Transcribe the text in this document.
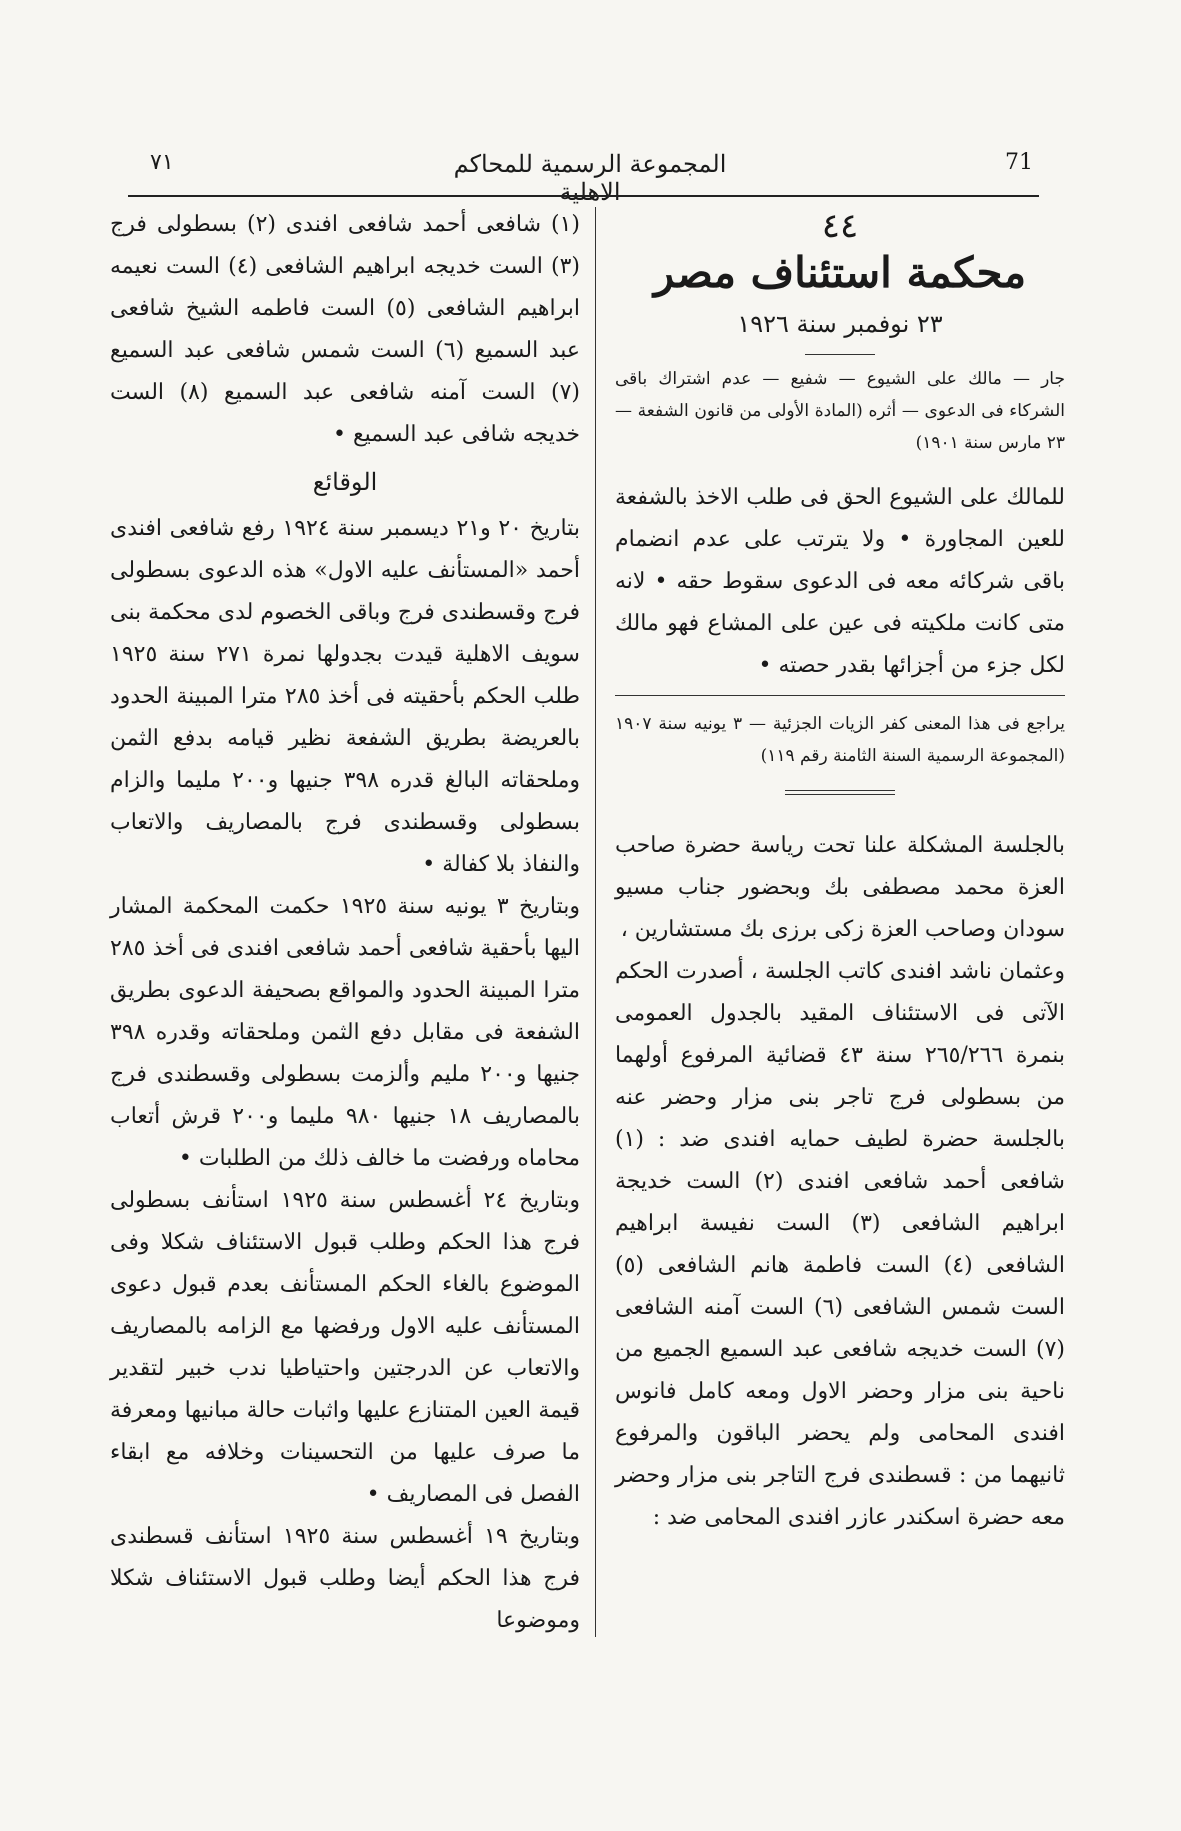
٧١	المجموعة الرسمية للمحاكم الاهلية
71

(١) شافعى أحمد شافعى افندى (٢) بسطولى فرج (٣) الست خديجه ابراهيم الشافعى (٤) الست نعيمه ابراهيم الشافعى (٥) الست فاطمه الشيخ شافعى عبد السميع (٦) الست شمس شافعى عبد السميع (٧) الست آمنه شافعى عبد السميع (٨) الست خديجه شافى عبد السميع •

الوقائع

بتاريخ ٢٠ و٢١ ديسمبر سنة ١٩٢٤ رفع شافعى افندى أحمد «المستأنف عليه الاول» هذه الدعوى بسطولى فرج وقسطندى فرج وباقى الخصوم لدى محكمة بنى سويف الاهلية قيدت بجدولها نمرة ٢٧١ سنة ١٩٢٥ طلب الحكم بأحقيته فى أخذ ٢٨٥ مترا المبينة الحدود بالعريضة بطريق الشفعة نظير قيامه بدفع الثمن وملحقاته البالغ قدره ٣٩٨ جنيها و٢٠٠ مليما والزام بسطولى وقسطندى فرج بالمصاريف والاتعاب والنفاذ بلا كفالة •

وبتاريخ ٣ يونيه سنة ١٩٢٥ حكمت المحكمة المشار اليها بأحقية شافعى أحمد شافعى افندى فى أخذ ٢٨٥ مترا المبينة الحدود والمواقع بصحيفة الدعوى بطريق الشفعة فى مقابل دفع الثمن وملحقاته وقدره ٣٩٨ جنيها و٢٠٠ مليم وألزمت بسطولى وقسطندى فرج بالمصاريف ١٨ جنيها ٩٨٠ مليما و٢٠٠ قرش أتعاب محاماه ورفضت ما خالف ذلك من الطلبات •

وبتاريخ ٢٤ أغسطس سنة ١٩٢٥ استأنف بسطولى فرج هذا الحكم وطلب قبول الاستئناف شكلا وفى الموضوع بالغاء الحكم المستأنف بعدم قبول دعوى المستأنف عليه الاول ورفضها مع الزامه بالمصاريف والاتعاب عن الدرجتين واحتياطيا ندب خبير لتقدير قيمة العين المتنازع عليها واثبات حالة مبانيها ومعرفة ما صرف عليها من التحسينات وخلافه مع ابقاء الفصل فى المصاريف •

وبتاريخ ١٩ أغسطس سنة ١٩٢٥ استأنف قسطندى فرج هذا الحكم أيضا وطلب قبول الاستئناف شكلا وموضوعا

٤٤
محكمة استئناف مصر
٢٣ نوفمبر سنة ١٩٢٦

جار — مالك على الشيوع — شفيع — عدم اشتراك باقى الشركاء فى الدعوى — أثره (المادة الأولى من قانون الشفعة — ٢٣ مارس سنة ١٩٠١)

للمالك على الشيوع الحق فى طلب الاخذ بالشفعة للعين المجاورة • ولا يترتب على عدم انضمام باقى شركائه معه فى الدعوى سقوط حقه • لانه متى كانت ملكيته فى عين على المشاع فهو مالك لكل جزء من أجزائها بقدر حصته •

يراجع فى هذا المعنى كفر الزيات الجزئية — ٣ يونيه سنة ١٩٠٧ (المجموعة الرسمية السنة الثامنة رقم ١١٩)

بالجلسة المشكلة علنا تحت رياسة حضرة صاحب العزة محمد مصطفى بك وبحضور جناب مسيو سودان وصاحب العزة زكى برزى بك مستشارين ،

وعثمان ناشد افندى كاتب الجلسة ، أصدرت الحكم الآتى فى الاستئناف المقيد بالجدول العمومى بنمرة ٢٦٥/٢٦٦ سنة ٤٣ قضائية المرفوع أولهما من بسطولى فرج تاجر بنى مزار وحضر عنه بالجلسة حضرة لطيف حمايه افندى ضد : (١) شافعى أحمد شافعى افندى (٢) الست خديجة ابراهيم الشافعى (٣) الست نفيسة ابراهيم الشافعى (٤) الست فاطمة هانم الشافعى (٥) الست شمس الشافعى (٦) الست آمنه الشافعى (٧) الست خديجه شافعى عبد السميع الجميع من ناحية بنى مزار وحضر الاول ومعه كامل فانوس افندى المحامى ولم يحضر الباقون والمرفوع ثانيهما من : قسطندى فرج التاجر بنى مزار وحضر معه حضرة اسكندر عازر افندى المحامى ضد :
